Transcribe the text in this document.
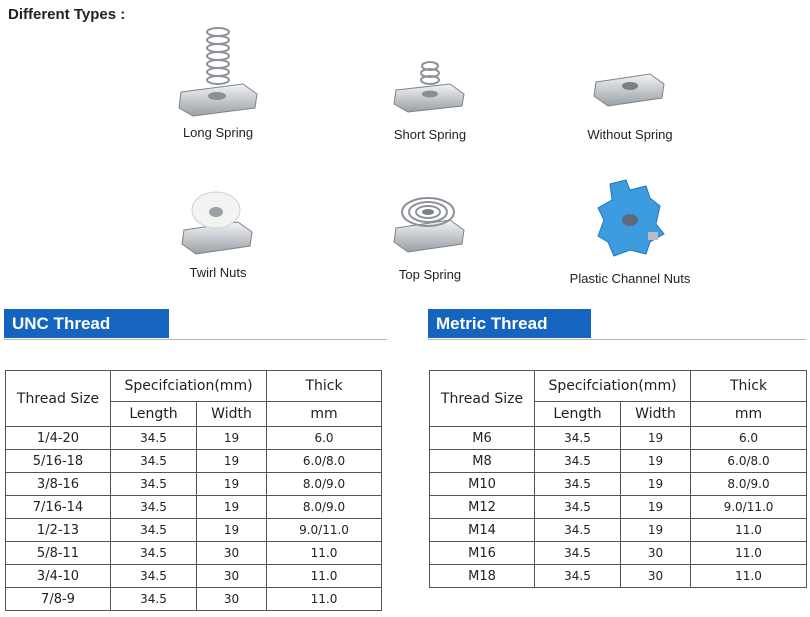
Different Types :
Long Spring	Short Spring	Without Spring
Twirl Nuts	Top Spring	Plastic Channel Nuts
UNC Thread	Metric Thread
Thread Size	Specifciation(mm)		Thick
	Length	Width	mm
1/4-20	34.5	19	6.0
5/16-18	34.5	19	6.0/8.0
3/8-16	34.5	19	8.0/9.0
7/16-14	34.5	19	8.0/9.0
1/2-13	34.5	19	9.0/11.0
5/8-11	34.5	30	11.0
3/4-10	34.5	30	11.0
7/8-9	34.5	30	11.0
Thread Size	Specifciation(mm)		Thick
	Length	Width	mm
M6	34.5	19	6.0
M8	34.5	19	6.0/8.0
M10	34.5	19	8.0/9.0
M12	34.5	19	9.0/11.0
M14	34.5	19	11.0
M16	34.5	30	11.0
M18	34.5	30	11.0
